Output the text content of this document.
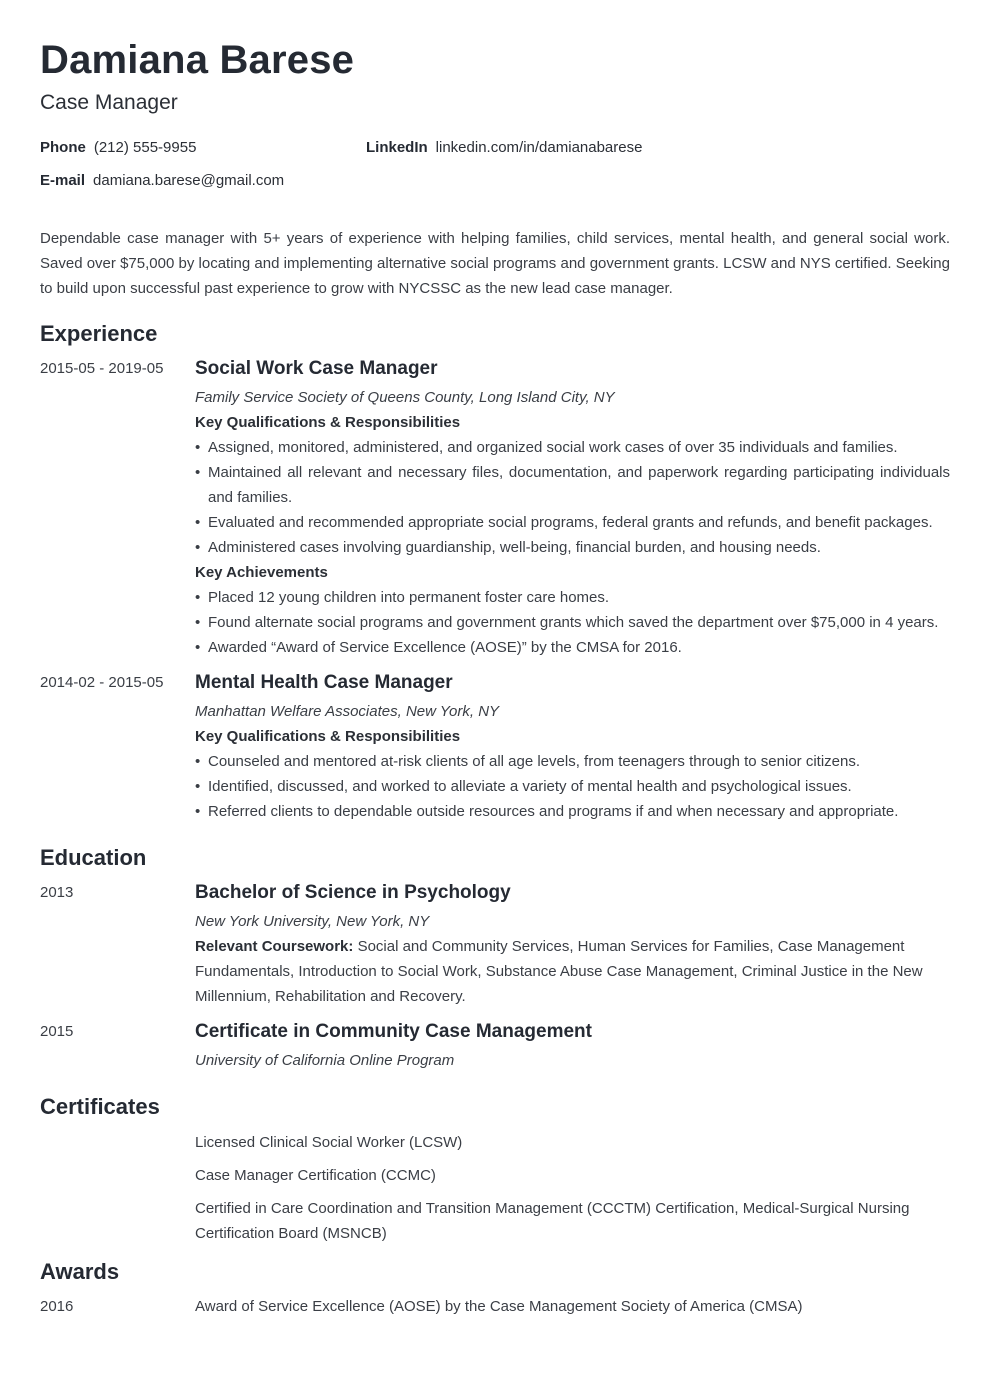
Damiana Barese
Case Manager
Phone (212) 555-9955	LinkedIn linkedin.com/in/damianabarese
E-mail damiana.barese@gmail.com
Dependable case manager with 5+ years of experience with helping families, child services, mental health, and general social work. Saved over $75,000 by locating and implementing alternative social programs and government grants. LCSW and NYS certified. Seeking to build upon successful past experience to grow with NYCSSC as the new lead case manager.
Experience
2015-05 - 2019-05 Social Work Case Manager
Family Service Society of Queens County, Long Island City, NY
Key Qualifications & Responsibilities
• Assigned, monitored, administered, and organized social work cases of over 35 individuals and families.
• Maintained all relevant and necessary files, documentation, and paperwork regarding participating individuals and families.
• Evaluated and recommended appropriate social programs, federal grants and refunds, and benefit packages.
• Administered cases involving guardianship, well-being, financial burden, and housing needs.
Key Achievements
• Placed 12 young children into permanent foster care homes.
• Found alternate social programs and government grants which saved the department over $75,000 in 4 years.
• Awarded “Award of Service Excellence (AOSE)” by the CMSA for 2016.
2014-02 - 2015-05 Mental Health Case Manager
Manhattan Welfare Associates, New York, NY
Key Qualifications & Responsibilities
• Counseled and mentored at-risk clients of all age levels, from teenagers through to senior citizens.
• Identified, discussed, and worked to alleviate a variety of mental health and psychological issues.
• Referred clients to dependable outside resources and programs if and when necessary and appropriate.
Education
2013	Bachelor of Science in Psychology
New York University, New York, NY
Relevant Coursework: Social and Community Services, Human Services for Families, Case Management Fundamentals, Introduction to Social Work, Substance Abuse Case Management, Criminal Justice in the New Millennium, Rehabilitation and Recovery.
2015	Certificate in Community Case Management
University of California Online Program
Certificates
Licensed Clinical Social Worker (LCSW)
Case Manager Certification (CCMC)
Certified in Care Coordination and Transition Management (CCCTM) Certification, Medical-Surgical Nursing Certification Board (MSNCB)
Awards
2016	Award of Service Excellence (AOSE) by the Case Management Society of America (CMSA)
